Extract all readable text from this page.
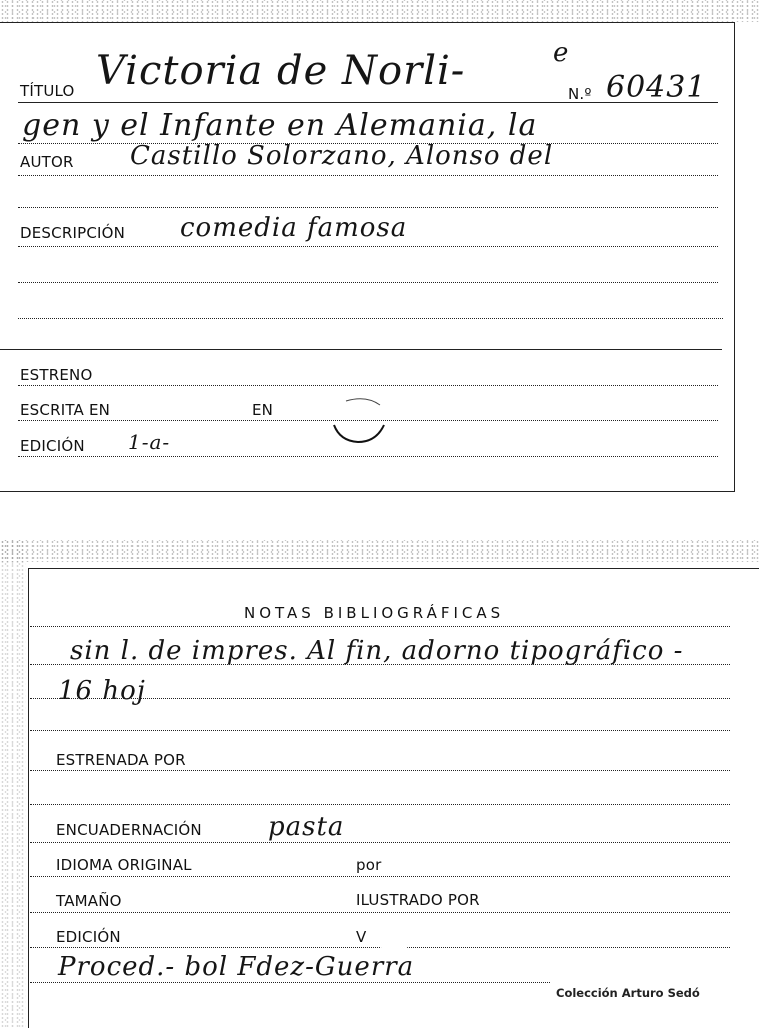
TÍTULO Victoria de Norli-	e
N.º 60431
gen y el Infante en Alemania, la
AUTOR Castillo Solorzano, Alonso del
DESCRIPCIÓN comedia famosa
ESTRENO
ESCRITA EN	EN
EDICIÓN 1-a-
NOTAS BIBLIOGRÁFICAS
sin l. de impres. Al fin, adorno tipográfico -
16 hoj
ESTRENADA POR
ENCUADERNACIÓN	pasta
IDIOMA ORIGINAL	por
TAMAÑO	ILUSTRADO POR
EDICIÓN	V
Proced.- bol Fdez-Guerra
Colección Arturo Sedó
